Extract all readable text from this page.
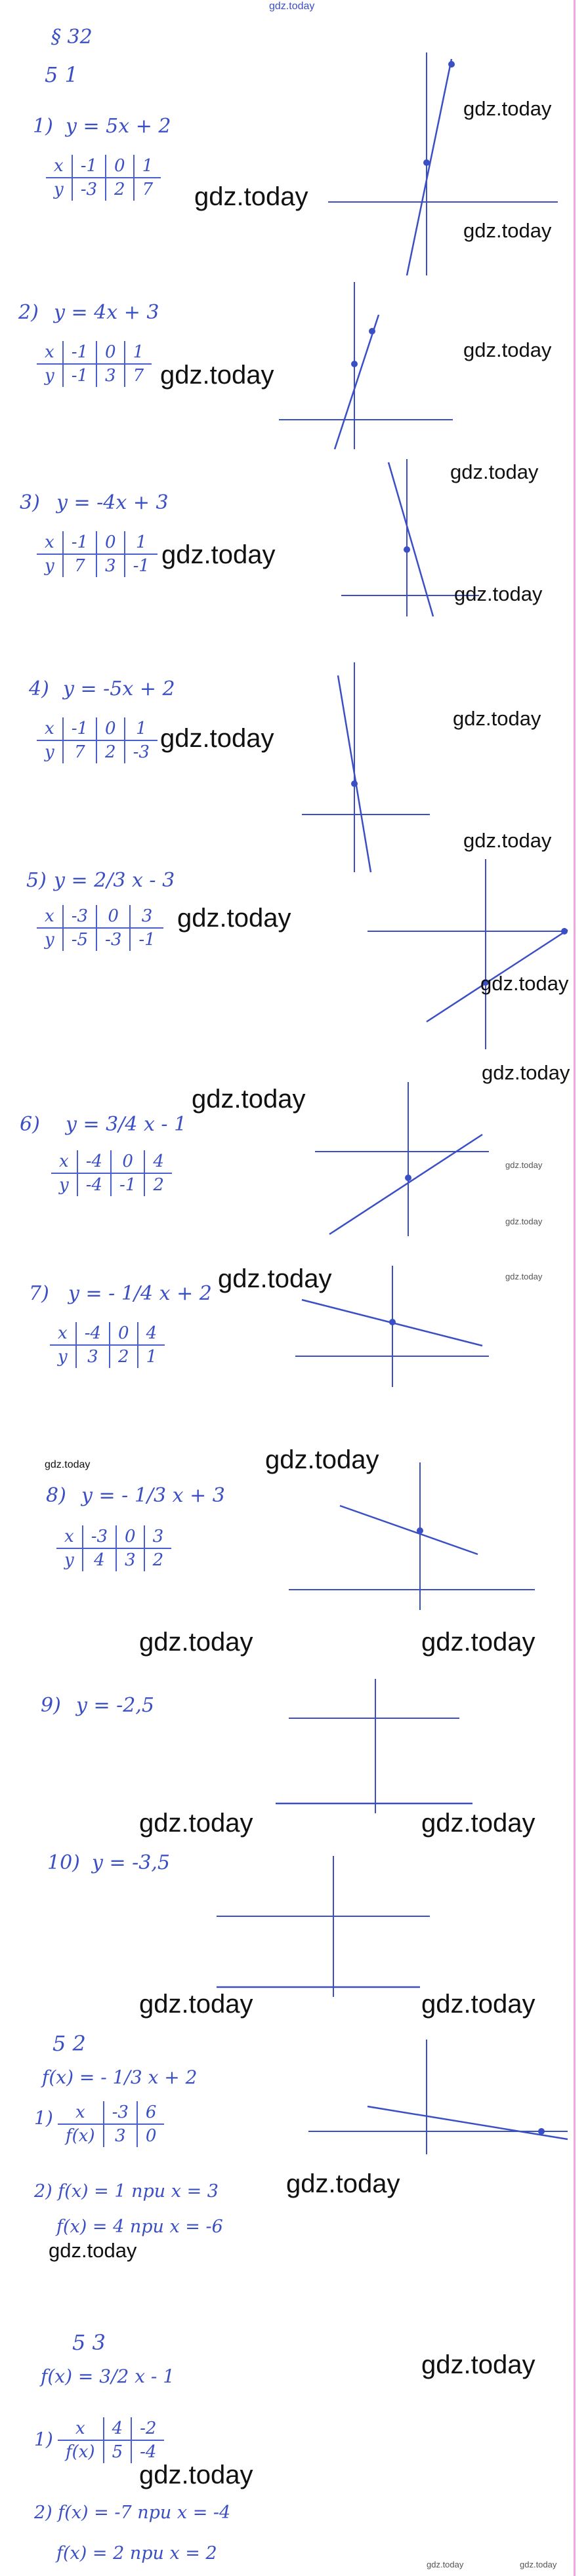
gdz.today
§ 32
5 1
1) y = 5x + 2
x	-1	0	1
y	-3	2	7
gdz.today
gdz.today
gdz.today
2) y = 4x + 3
x	-1	0	1
y	-1	3	7 gdz.today
gdz.today
3) y = -4x + 3
x	-1	0	1
y	7	3	-1 gdz.today
gdz.today
gdz.today
4) y = -5x + 2
x	-1	0	1
y	7	2	-3 gdz.today
gdz.today
gdz.today
5) y = 2/3 x - 3
x	-3	0	3
y	-5	-3	-1
gdz.today
gdz.today
gdz.today
6) y = 3/4 x - 1
x	-4	0	4
y	-4	-1	2
gdz.today
gdz.today
gdz.today
7) y = - 1/4 x + 2
x	-4	0	4
y	3	2	1
gdz.today	gdz.today
8) y = - 1/3 x + 3
x	-3	0	3
y	4	3	2
gdz.today	gdz.today
gdz.today	gdz.today
9) y = -2,5
gdz.today	gdz.today
10) y = -3,5
gdz.today	gdz.today
5 2
f(x) = - 1/3 x + 2
1) x	-3	6
f(x)	3	0
2) f(x) = 1 при x = 3
f(x) = 4 при x = -6
gdz.today
gdz.today
5 3
f(x) = 3/2 x - 1
1) x	4	-2
f(x)	5	-4
2) f(x) = -7 при x = -4
f(x) = 2 при x = 2
gdz.today
gdz.today
gdz.today	gdz.today
